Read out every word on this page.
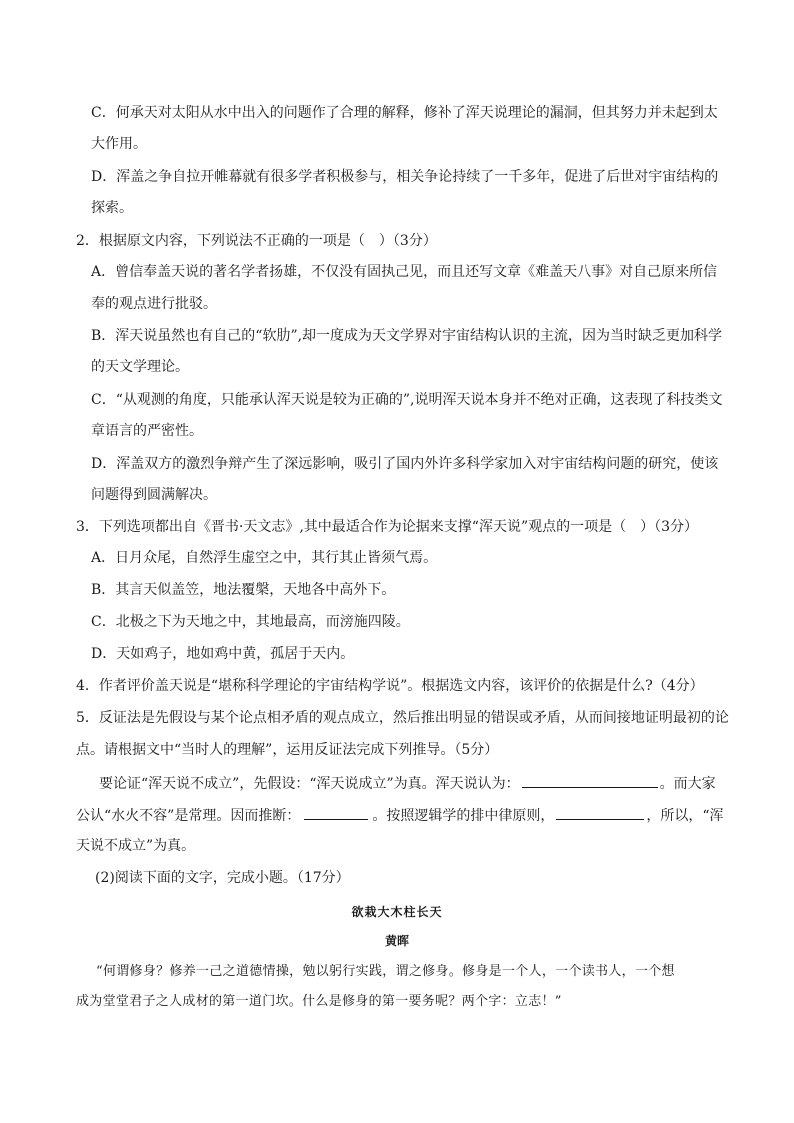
C．何承天对太阳从水中出入的问题作了合理的解释，修补了浑天说理论的漏洞，但其努力并未起到太
大作用。
D．浑盖之争自拉开帷幕就有很多学者积极参与，相关争论持续了一千多年，促进了后世对宇宙结构的
探索。
2．根据原文内容，下列说法不正确的一项是（　）（3分）
A．曾信奉盖天说的著名学者扬雄，不仅没有固执己见，而且还写文章《难盖天八事》对自己原来所信
奉的观点进行批驳。
B．浑天说虽然也有自己的“软肋”,却一度成为天文学界对宇宙结构认识的主流，因为当时缺乏更加科学
的天文学理论。
C．“从观测的角度，只能承认浑天说是较为正确的”,说明浑天说本身并不绝对正确，这表现了科技类文
章语言的严密性。
D．浑盖双方的激烈争辩产生了深远影响，吸引了国内外许多科学家加入对宇宙结构问题的研究，使该
问题得到圆满解决。
3．下列选项都出自《晋书·天文志》,其中最适合作为论据来支撑“浑天说”观点的一项是（　）（3分）
A．日月众尾，自然浮生虚空之中，其行其止皆须气焉。
B．其言天似盖笠，地法覆槃，天地各中高外下。
C．北极之下为天地之中，其地最高，而滂施四陵。
D．天如鸡子，地如鸡中黄，孤居于天内。
4．作者评价盖天说是“堪称科学理论的宇宙结构学说”。根据选文内容，该评价的依据是什么?（4分）
5．反证法是先假设与某个论点相矛盾的观点成立，然后推出明显的错误或矛盾，从而间接地证明最初的论
点。请根据文中“当时人的理解”，运用反证法完成下列推导。（5分）
要论证“浑天说不成立”，先假设：“浑天说成立”为真。浑天说认为：	。而大家
公认“水火不容”是常理。因而推断：	。按照逻辑学的排中律原则，	，所以，“浑
天说不成立”为真。
(2)阅读下面的文字，完成小题。（17分）
欲栽大木柱长天
黄晖
“何谓修身？修养一己之道德情操，勉以躬行实践，谓之修身。修身是一个人，一个读书人，一个想
成为堂堂君子之人成材的第一道门坎。什么是修身的第一要务呢？两个字：立志！”
